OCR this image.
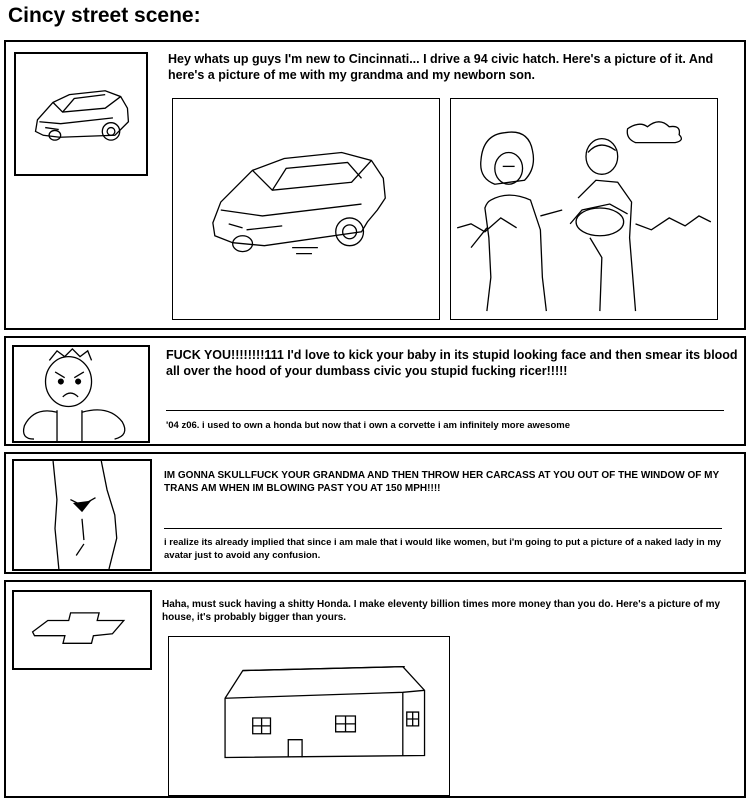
Cincy street scene:
Hey whats up guys I'm new to Cincinnati... I drive a 94 civic hatch. Here's a picture of it. And here's a picture of me with my grandma and my newborn son.
FUCK YOU!!!!!!!!111 I'd love to kick your baby in its stupid looking face and then smear its blood all over the hood of your dumbass civic you stupid fucking ricer!!!!!
'04 z06. i used to own a honda but now that i own a corvette i am infinitely more awesome
IM GONNA SKULLFUCK YOUR GRANDMA AND THEN THROW HER CARCASS AT YOU OUT OF THE WINDOW OF MY TRANS AM WHEN IM BLOWING PAST YOU AT 150 MPH!!!!
i realize its already implied that since i am male that i would like women, but i'm going to put a picture of a naked lady in my avatar just to avoid any confusion.
Haha, must suck having a shitty Honda. I make eleventy billion times more money than you do. Here's a picture of my house, it's probably bigger than yours.
